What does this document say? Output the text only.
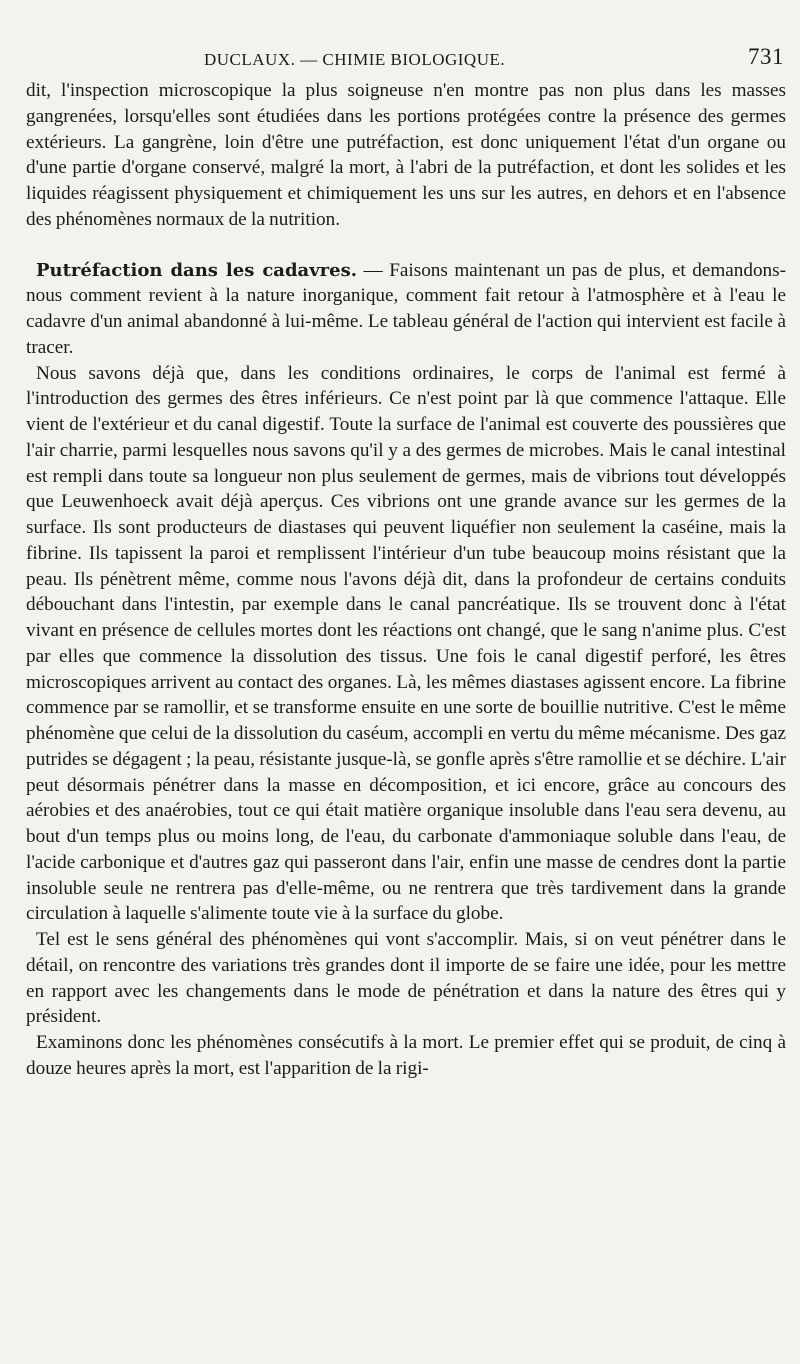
DUCLAUX. — CHIMIE BIOLOGIQUE.	731

dit, l'inspection microscopique la plus soigneuse n'en montre pas non plus dans les masses gangrenées, lorsqu'elles sont étudiées dans les portions protégées contre la présence des germes extérieurs. La gangrène, loin d'être une putréfaction, est donc uniquement l'état d'un organe ou d'une partie d'organe conservé, malgré la mort, à l'abri de la putréfaction, et dont les solides et les liquides réagissent physiquement et chimiquement les uns sur les autres, en dehors et en l'absence des phénomènes normaux de la nutrition.

Putréfaction dans les cadavres. — Faisons maintenant un pas de plus, et demandons-nous comment revient à la nature inorganique, comment fait retour à l'atmosphère et à l'eau le cadavre d'un animal abandonné à lui-même. Le tableau général de l'action qui intervient est facile à tracer.

Nous savons déjà que, dans les conditions ordinaires, le corps de l'animal est fermé à l'introduction des germes des êtres inférieurs. Ce n'est point par là que commence l'attaque. Elle vient de l'extérieur et du canal digestif. Toute la surface de l'animal est couverte des poussières que l'air charrie, parmi lesquelles nous savons qu'il y a des germes de microbes. Mais le canal intestinal est rempli dans toute sa longueur non plus seulement de germes, mais de vibrions tout développés que Leuwenhoeck avait déjà aperçus. Ces vibrions ont une grande avance sur les germes de la surface. Ils sont producteurs de diastases qui peuvent liquéfier non seulement la caséine, mais la fibrine. Ils tapissent la paroi et remplissent l'intérieur d'un tube beaucoup moins résistant que la peau. Ils pénètrent même, comme nous l'avons déjà dit, dans la profondeur de certains conduits débouchant dans l'intestin, par exemple dans le canal pancréatique. Ils se trouvent donc à l'état vivant en présence de cellules mortes dont les réactions ont changé, que le sang n'anime plus. C'est par elles que commence la dissolution des tissus. Une fois le canal digestif perforé, les êtres microscopiques arrivent au contact des organes. Là, les mêmes diastases agissent encore. La fibrine commence par se ramollir, et se transforme ensuite en une sorte de bouillie nutritive. C'est le même phénomène que celui de la dissolution du caséum, accompli en vertu du même mécanisme. Des gaz putrides se dégagent ; la peau, résistante jusque-là, se gonfle après s'être ramollie et se déchire. L'air peut désormais pénétrer dans la masse en décomposition, et ici encore, grâce au concours des aérobies et des anaérobies, tout ce qui était matière organique insoluble dans l'eau sera devenu, au bout d'un temps plus ou moins long, de l'eau, du carbonate d'ammoniaque soluble dans l'eau, de l'acide carbonique et d'autres gaz qui passeront dans l'air, enfin une masse de cendres dont la partie insoluble seule ne rentrera pas d'elle-même, ou ne rentrera que très tardivement dans la grande circulation à laquelle s'alimente toute vie à la surface du globe.

Tel est le sens général des phénomènes qui vont s'accomplir. Mais, si on veut pénétrer dans le détail, on rencontre des variations très grandes dont il importe de se faire une idée, pour les mettre en rapport avec les changements dans le mode de pénétration et dans la nature des êtres qui y président.

Examinons donc les phénomènes consécutifs à la mort. Le premier effet qui se produit, de cinq à douze heures après la mort, est l'apparition de la rigi-
